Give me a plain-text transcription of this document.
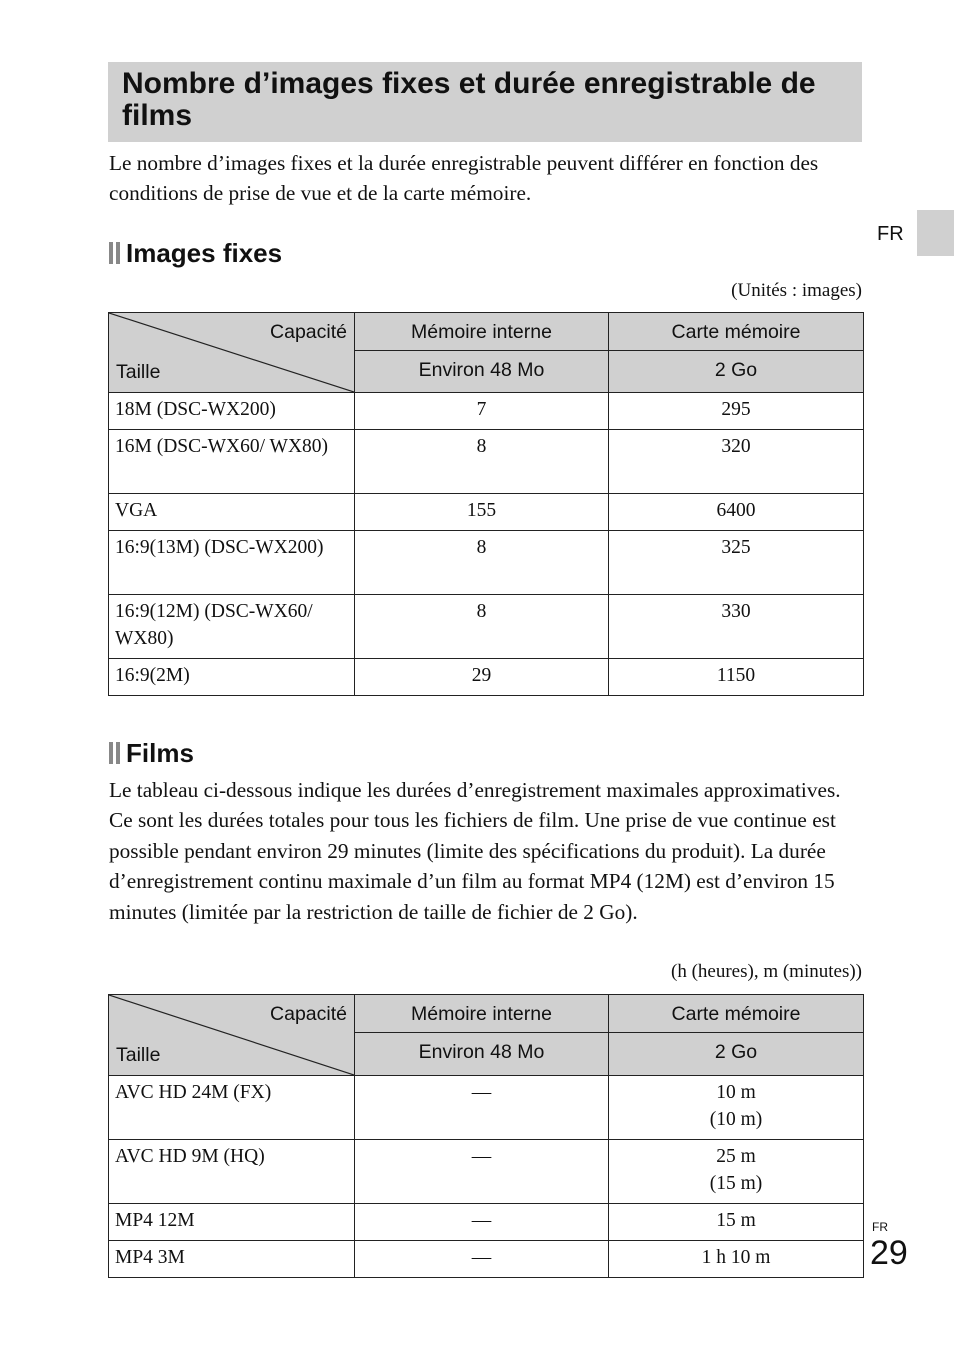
Nombre d’images fixes et durée enregistrable de films

Le nombre d’images fixes et la durée enregistrable peuvent différer en fonction des conditions de prise de vue et de la carte mémoire.

FR
Images fixes
(Unités : images)
Capacité
Taille	Mémoire interne	Carte mémoire
	Environ 48 Mo	2 Go
18M (DSC-WX200)	7	295
16M (DSC-WX60/ WX80)	8	320
VGA	155	6400
16:9(13M) (DSC-WX200)	8	325
16:9(12M) (DSC-WX60/ WX80)	8	330
16:9(2M)	29	1150
Films

Le tableau ci-dessous indique les durées d’enregistrement maximales approximatives. Ce sont les durées totales pour tous les fichiers de film. Une prise de vue continue est possible pendant environ 29 minutes (limite des spécifications du produit). La durée d’enregistrement continu maximale d’un film au format MP4 (12M) est d’environ 15 minutes (limitée par la restriction de taille de fichier de 2 Go).

(h (heures), m (minutes))
Capacité
Taille	Mémoire interne	Carte mémoire
	Environ 48 Mo	2 Go
AVC HD 24M (FX)	—	10 m
(10 m)

AVC HD 9M (HQ)	—	25 m
(15 m)

MP4 12M	—	15 m
MP4 3M	—	1 h 10 m
FR
29
